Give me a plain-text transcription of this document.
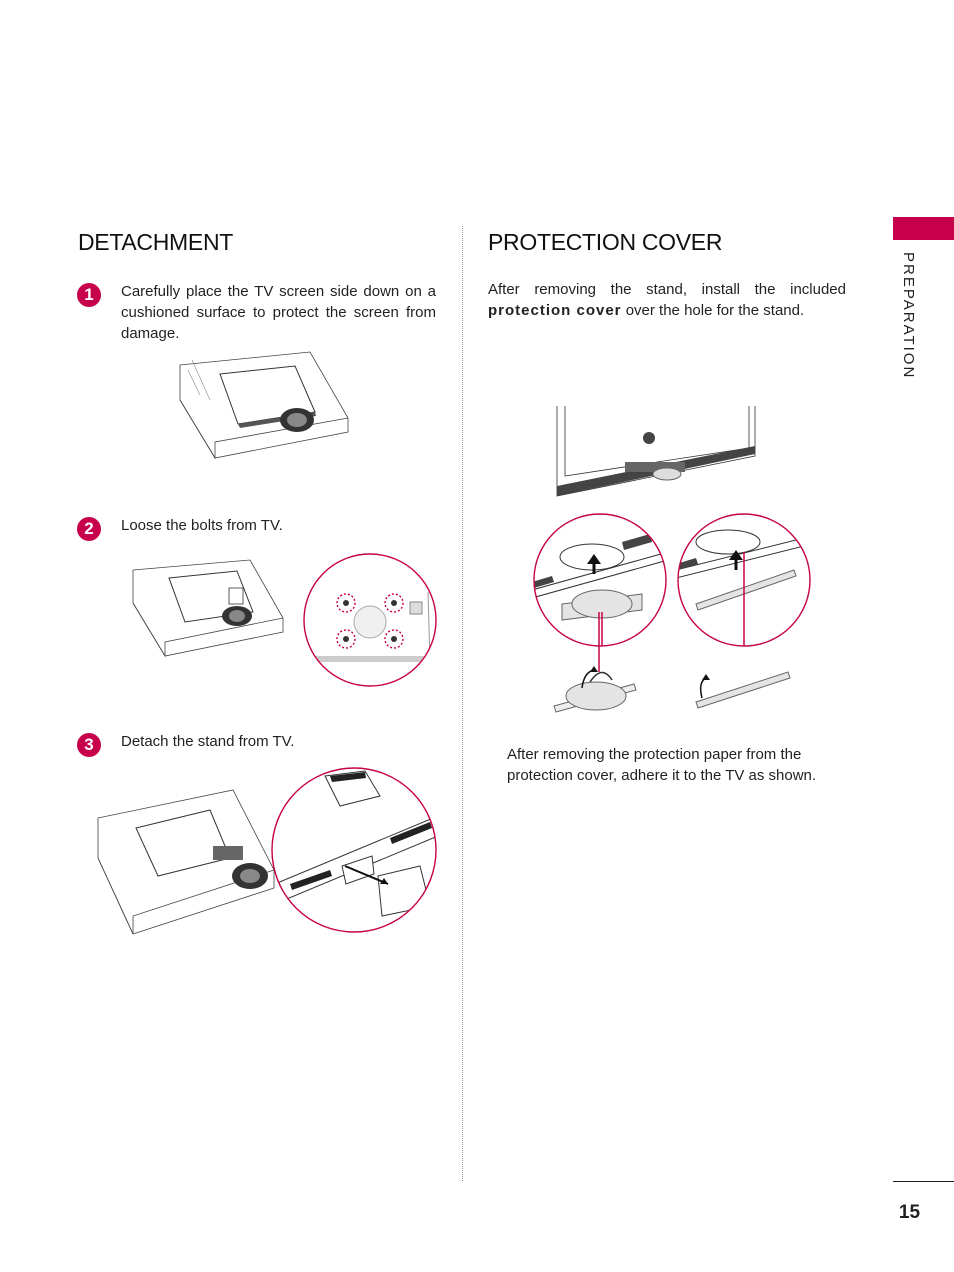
DETACHMENT	PROTECTION COVER
PREPARATION
1	Carefully place the TV screen side down on a cushioned surface to protect the screen from damage.
2	Loose the bolts from TV.
3	Detach the stand from TV.
After removing the stand, install the included protection cover over the hole for the stand.
After removing the protection paper from the protection cover, adhere it to the TV as shown.
15
